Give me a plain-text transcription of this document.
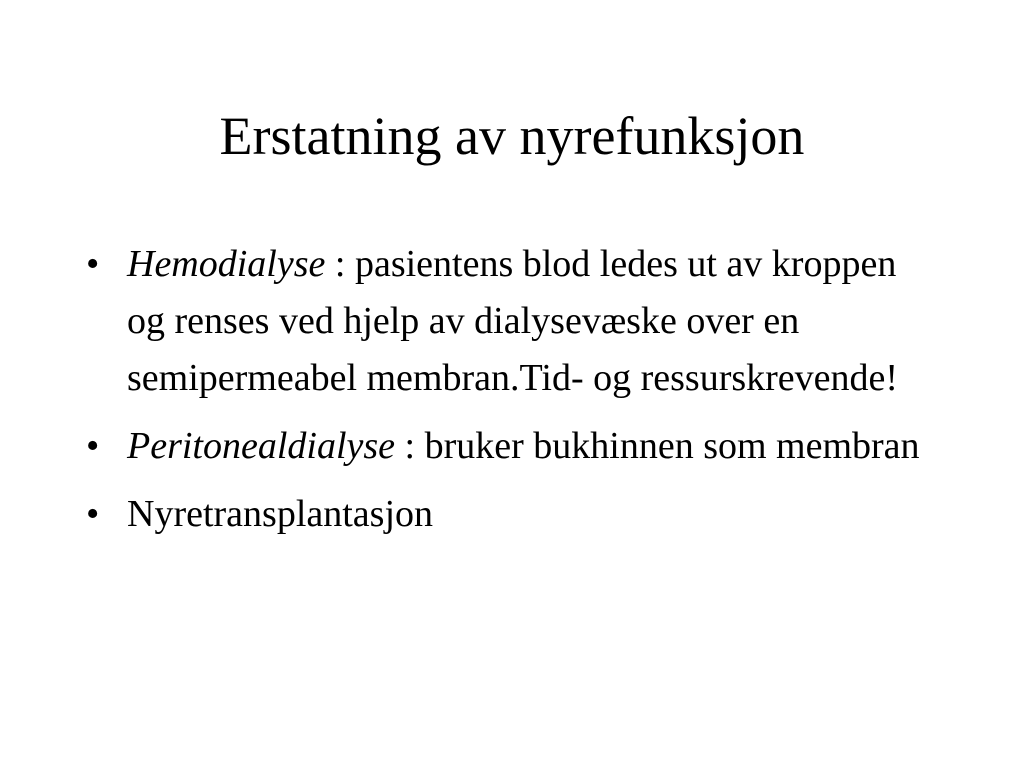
Erstatning av nyrefunksjon
• Hemodialyse : pasientens blod ledes ut av kroppen og renses ved hjelp av dialysevæske over en semipermeabel membran.Tid- og ressurskrevende!
• Peritonealdialyse : bruker bukhinnen som membran
• Nyretransplantasjon
